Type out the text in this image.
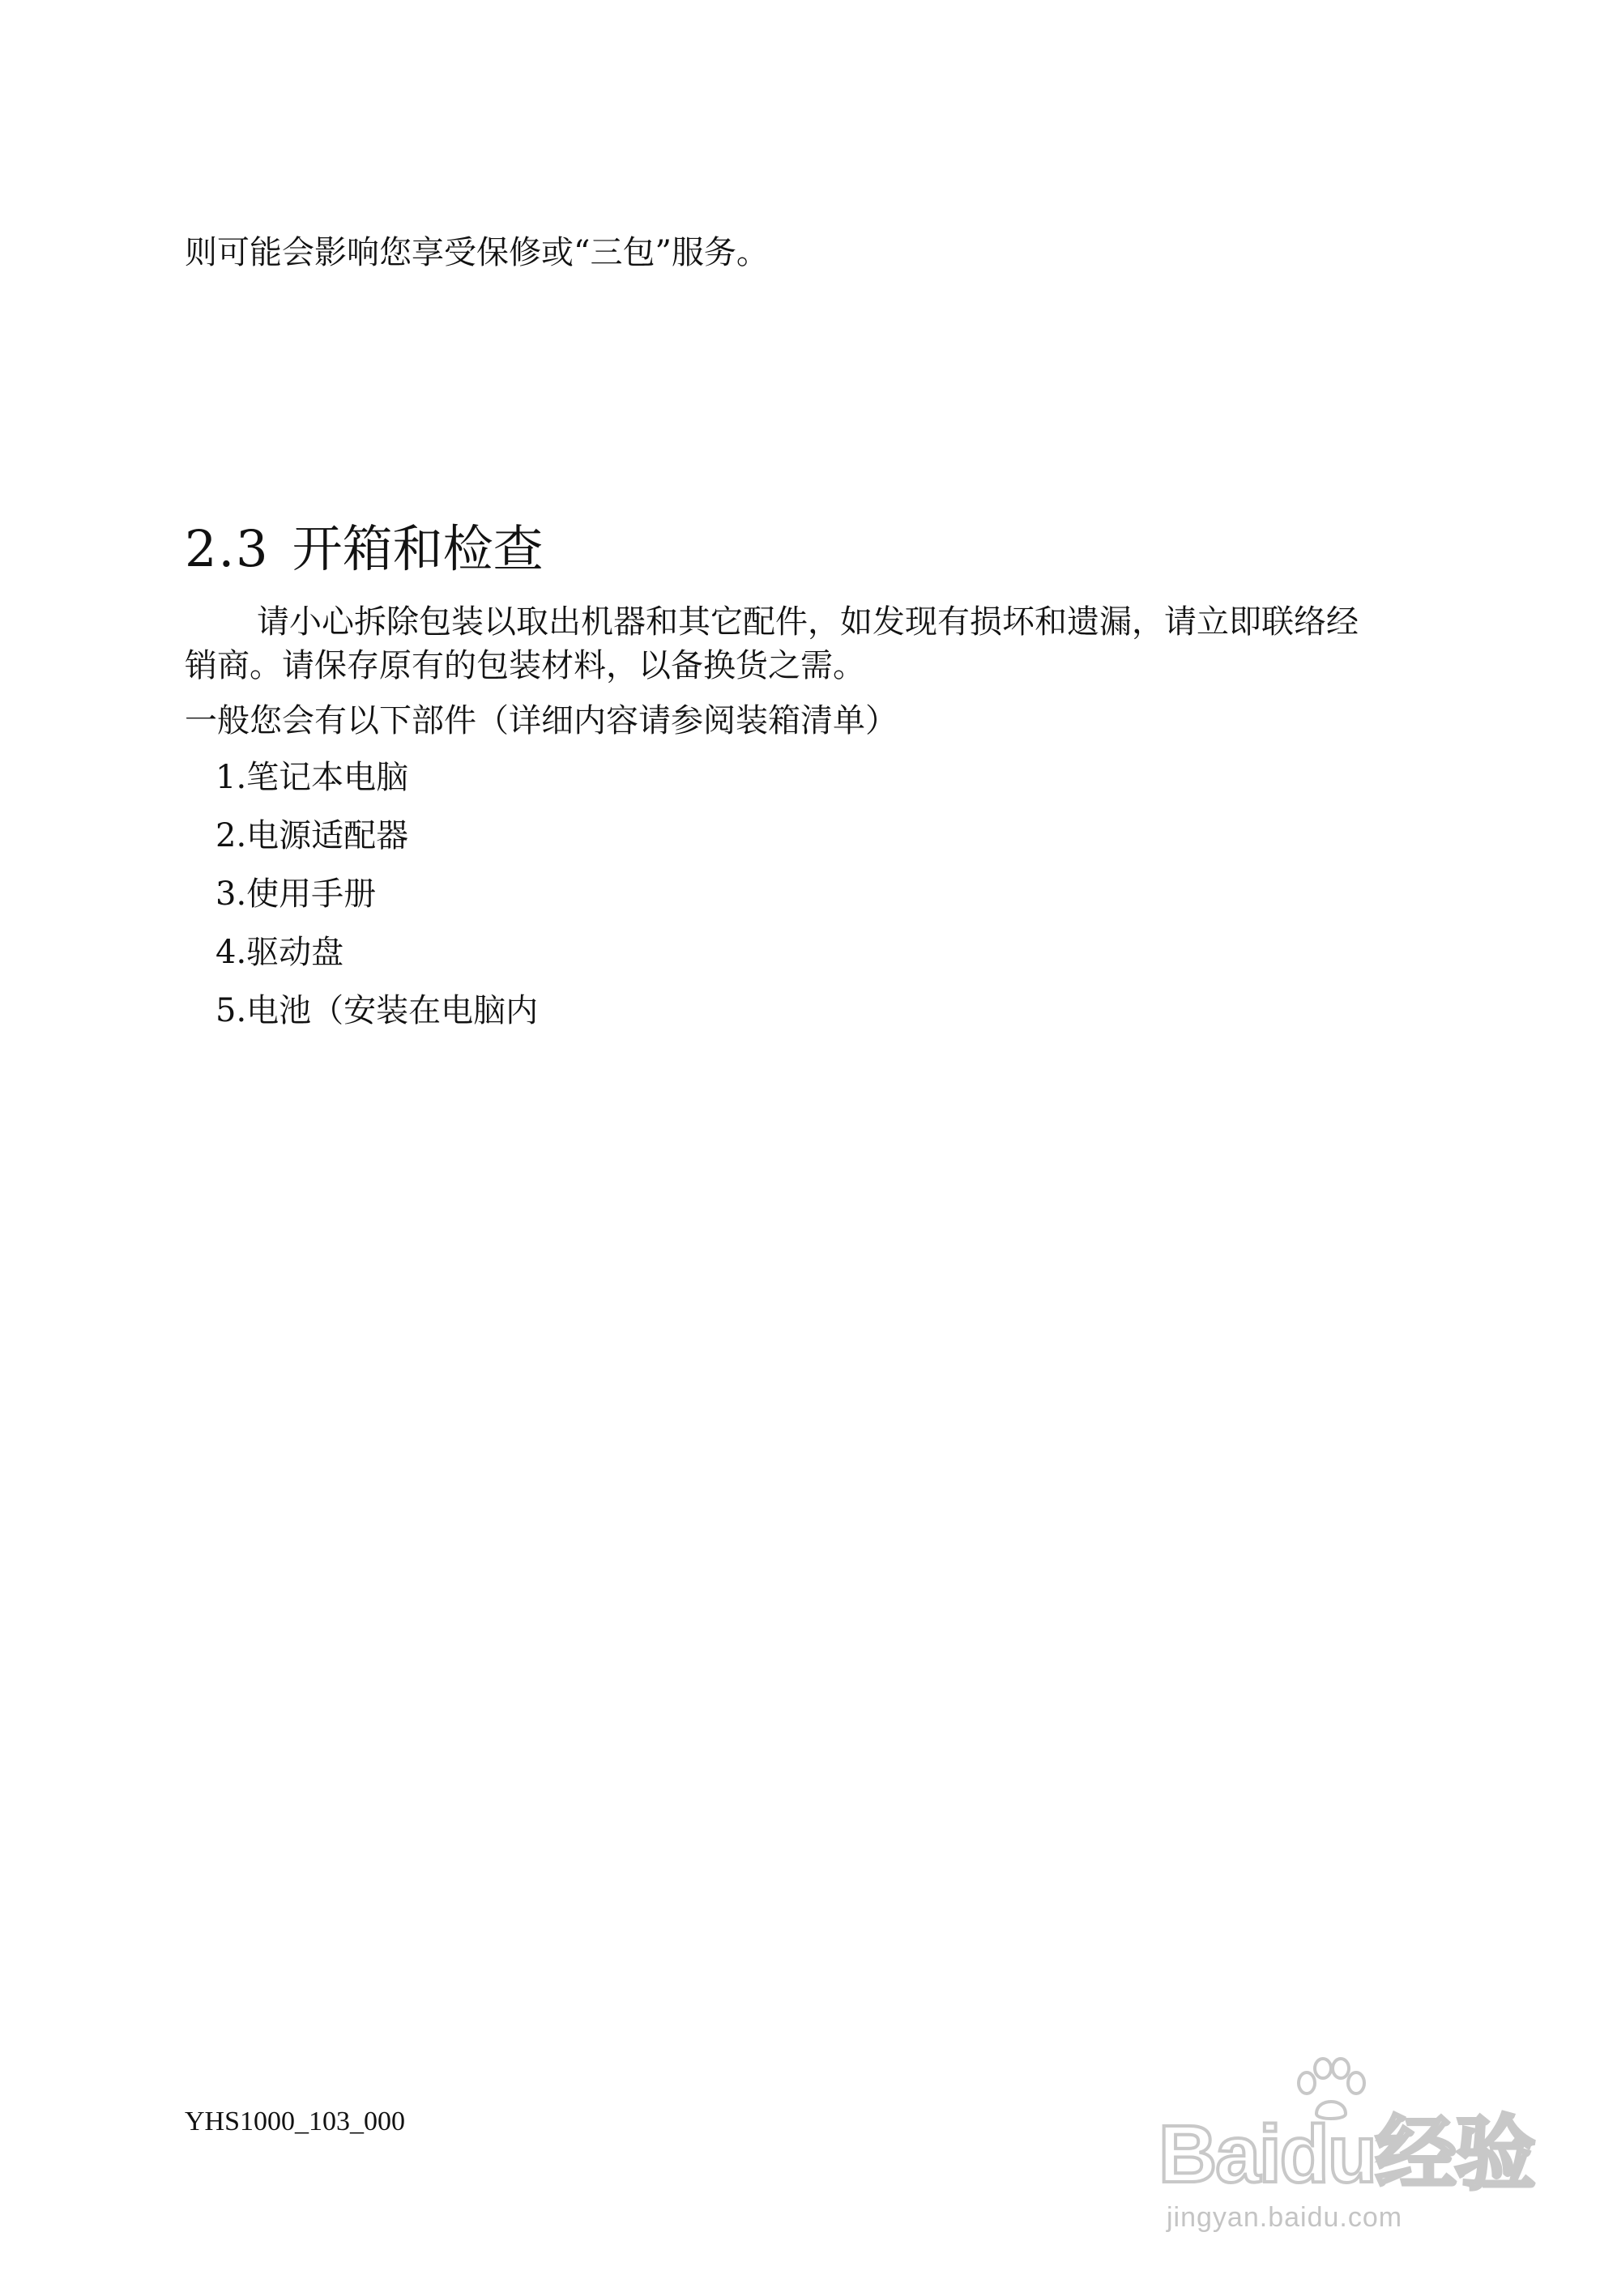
则可能会影响您享受保修或“三包”服务。
2.3 开箱和检查
请小心拆除包装以取出机器和其它配件，如发现有损坏和遗漏，请立即联络经
销商。请保存原有的包装材料，以备换货之需。
一般您会有以下部件（详细内容请参阅装箱清单）
1.笔记本电脑
2.电源适配器
3.使用手册
4.驱动盘
5.电池（安装在电脑内
YHS1000_103_000	Baidu经验
jingyan.baidu.com
